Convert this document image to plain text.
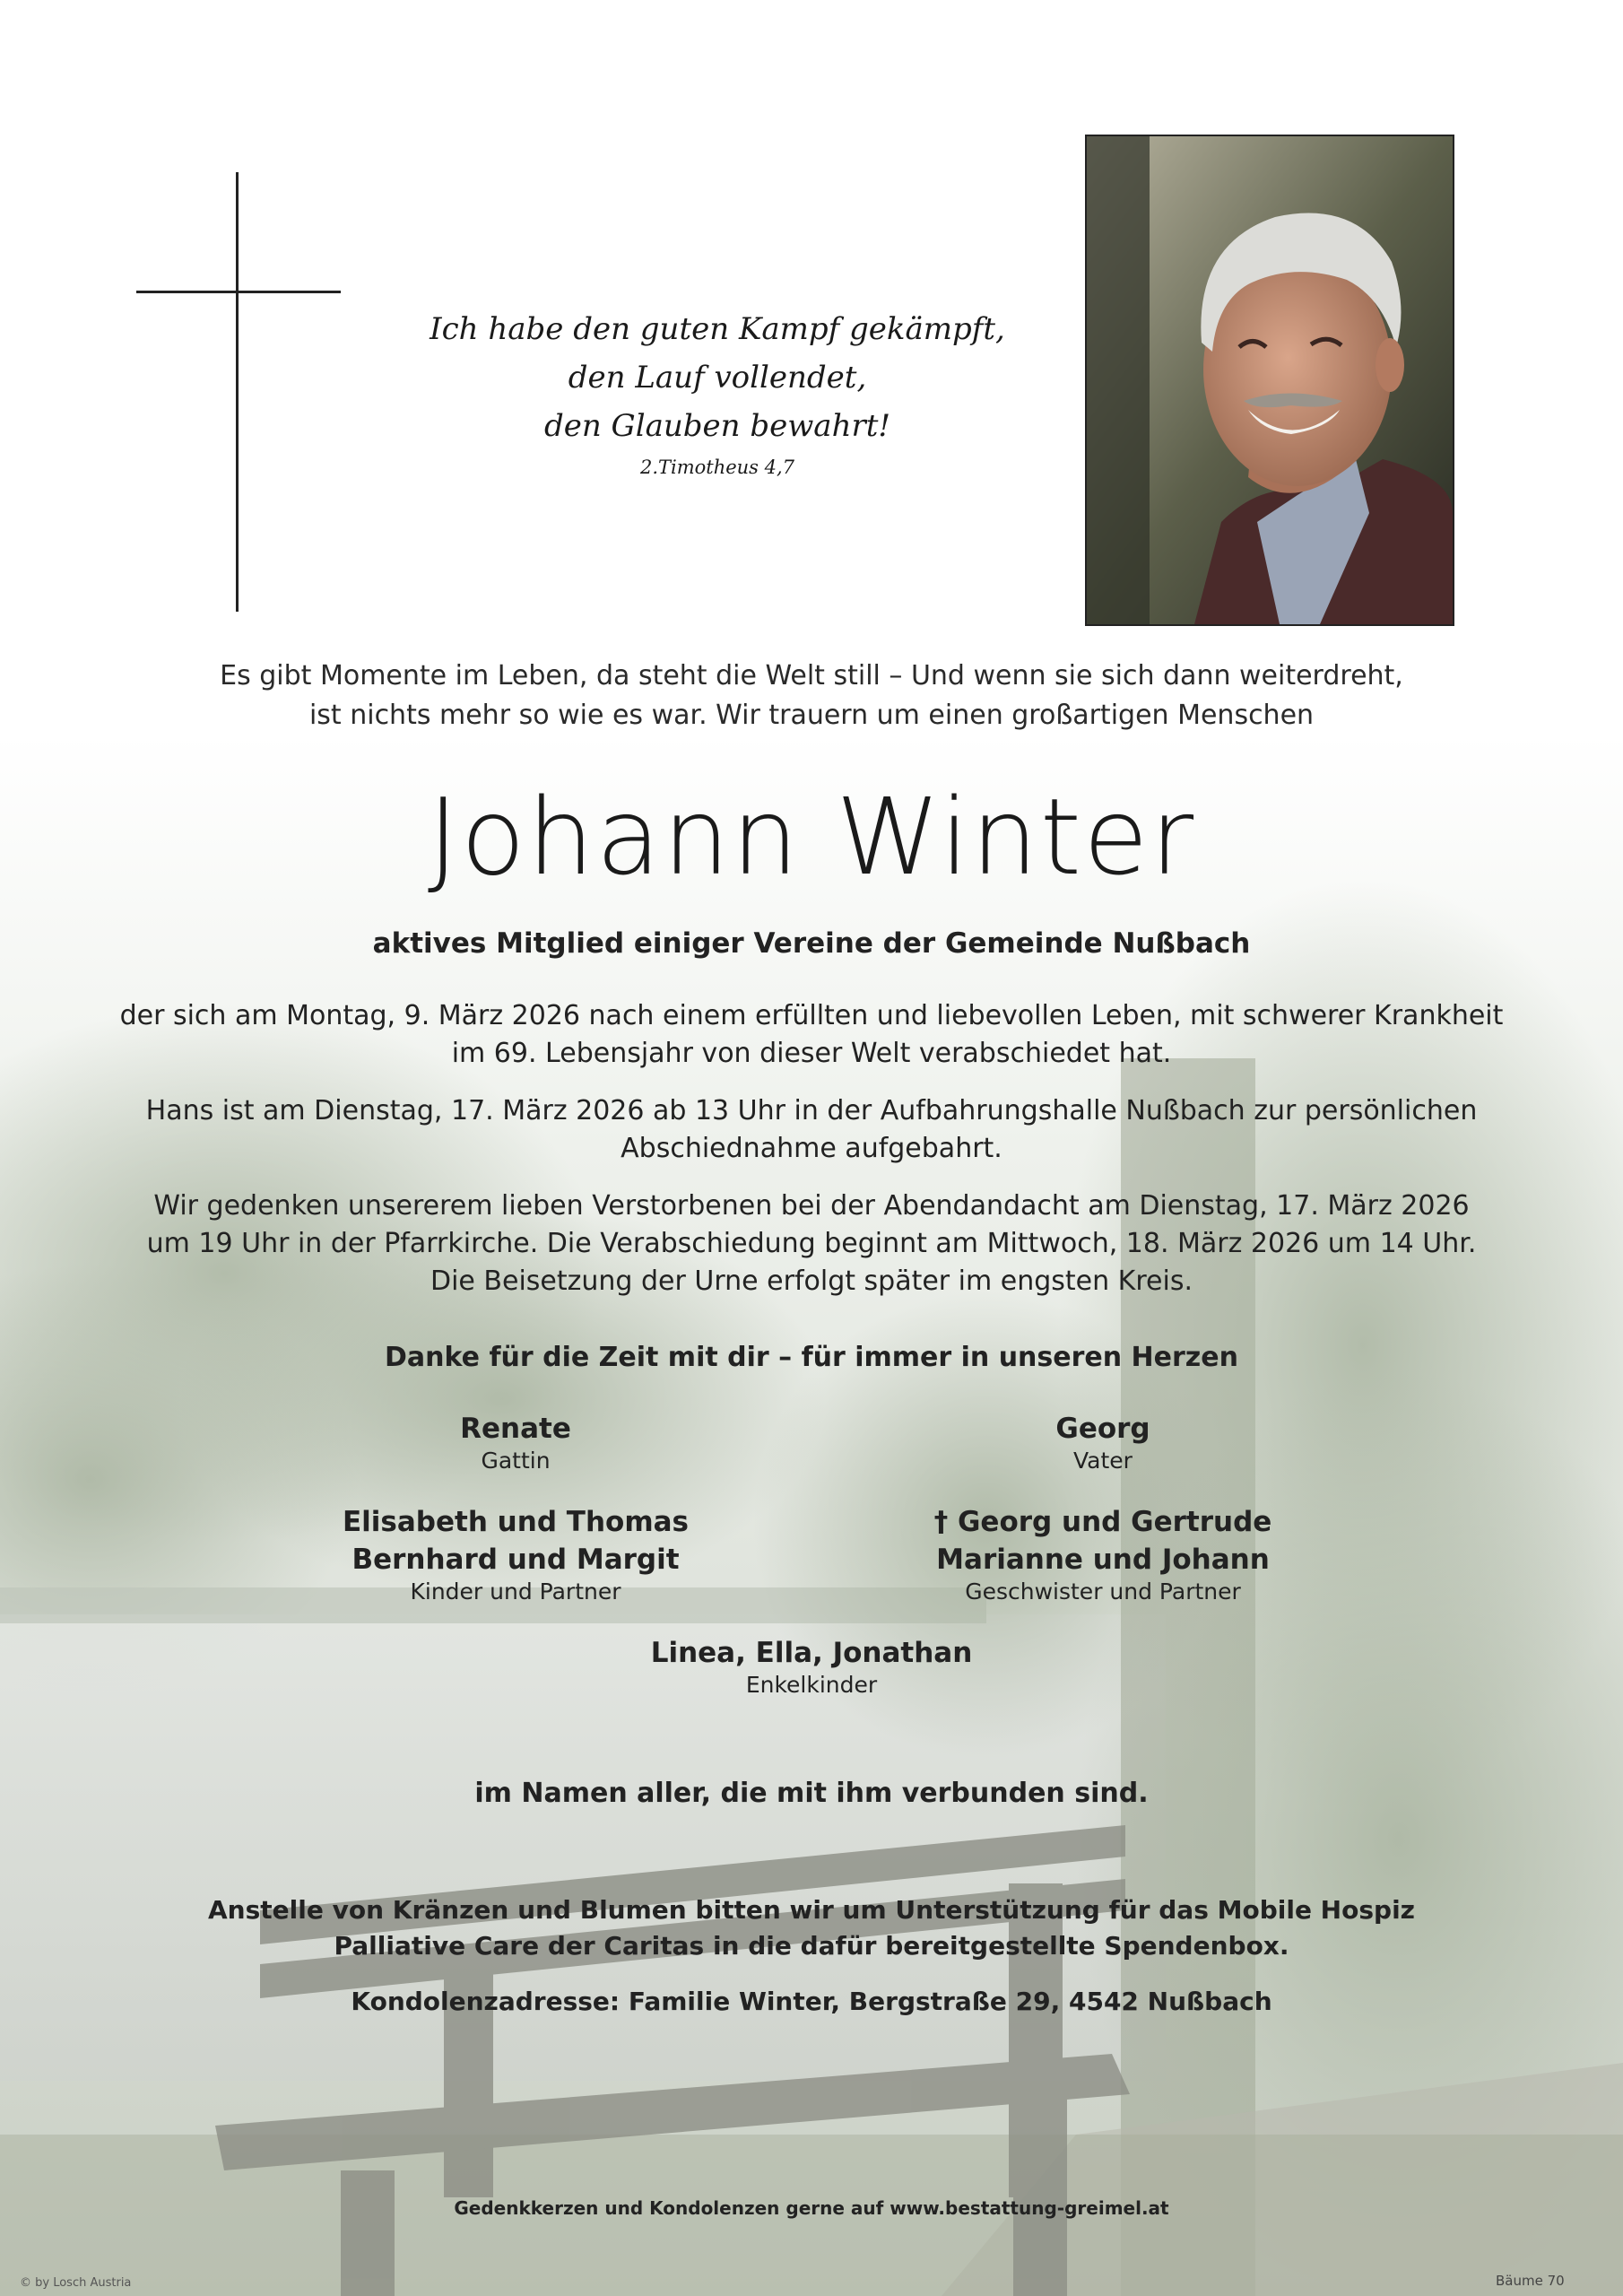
Ich habe den guten Kampf gekämpft,
den Lauf vollendet,
den Glauben bewahrt!
2.Timotheus 4,7
Es gibt Momente im Leben, da steht die Welt still – Und wenn sie sich dann weiterdreht,
ist nichts mehr so wie es war. Wir trauern um einen großartigen Menschen
Johann Winter
aktives Mitglied einiger Vereine der Gemeinde Nußbach
der sich am Montag, 9. März 2026 nach einem erfüllten und liebevollen Leben, mit schwerer Krankheit
im 69. Lebensjahr von dieser Welt verabschiedet hat.
Hans ist am Dienstag, 17. März 2026 ab 13 Uhr in der Aufbahrungshalle Nußbach zur persönlichen
Abschiednahme aufgebahrt.
Wir gedenken unsererem lieben Verstorbenen bei der Abendandacht am Dienstag, 17. März 2026
um 19 Uhr in der Pfarrkirche. Die Verabschiedung beginnt am Mittwoch, 18. März 2026 um 14 Uhr.
Die Beisetzung der Urne erfolgt später im engsten Kreis.
Danke für die Zeit mit dir – für immer in unseren Herzen
Renate
Gattin
Georg
Vater
Elisabeth und Thomas
Bernhard und Margit
Kinder und Partner
† Georg und Gertrude
Marianne und Johann
Geschwister und Partner
Linea, Ella, Jonathan
Enkelkinder
im Namen aller, die mit ihm verbunden sind.
Anstelle von Kränzen und Blumen bitten wir um Unterstützung für das Mobile Hospiz
Palliative Care der Caritas in die dafür bereitgestellte Spendenbox.
Kondolenzadresse: Familie Winter, Bergstraße 29, 4542 Nußbach
Gedenkkerzen und Kondolenzen gerne auf www.bestattung-greimel.at
© by Losch Austria	Bäume 70
